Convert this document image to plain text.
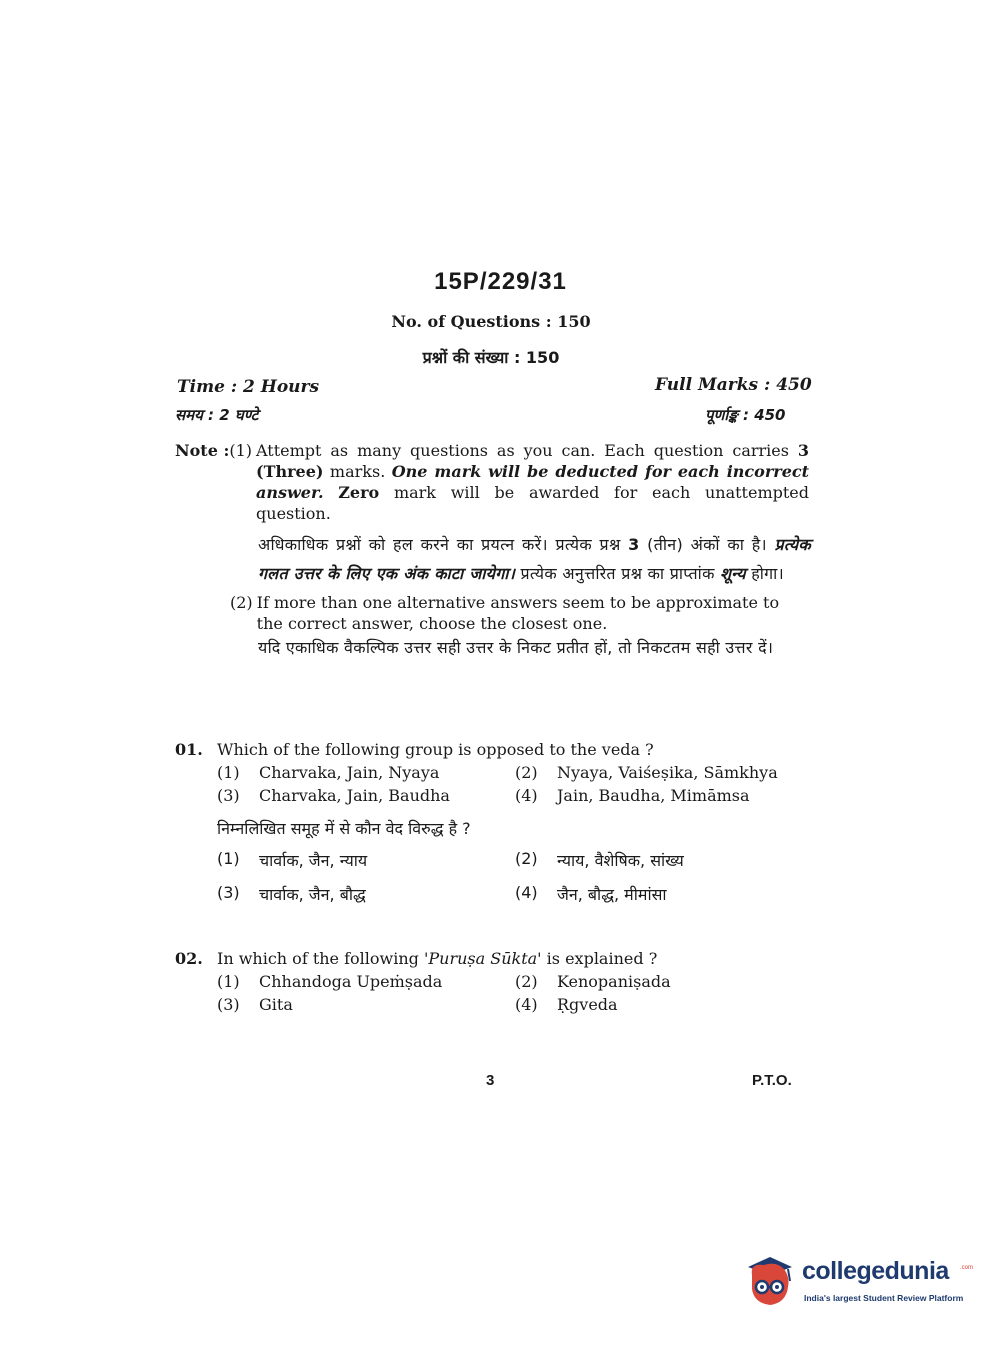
15P/229/31
No. of Questions : 150
प्रश्नों की संख्या : 150
Time : 2 Hours	Full Marks : 450
समय : 2 घण्टे	पूर्णाङ्क : 450
Note : (1) Attempt as many questions as you can. Each question carries 3 (Three) marks. One mark will be deducted for each incorrect answer. Zero mark will be awarded for each unattempted question.
अधिकाधिक प्रश्नों को हल करने का प्रयत्न करें। प्रत्येक प्रश्न 3 (तीन) अंकों का है। प्रत्येक गलत उत्तर के लिए एक अंक काटा जायेगा। प्रत्येक अनुत्तरित प्रश्न का प्राप्तांक शून्य होगा।
(2) If more than one alternative answers seem to be approximate to the correct answer, choose the closest one.
यदि एकाधिक वैकल्पिक उत्तर सही उत्तर के निकट प्रतीत हों, तो निकटतम सही उत्तर दें।
01. Which of the following group is opposed to the veda ?
(1)	Charvaka, Jain, Nyaya	(2)	Nyaya, Vaiśeṣika, Sāmkhya
(3)	Charvaka, Jain, Baudha	(4)	Jain, Baudha, Mimāmsa
निम्नलिखित समूह में से कौन वेद विरुद्ध है ?
(1)	चार्वाक, जैन, न्याय	(2)	न्याय, वैशेषिक, सांख्य
(3)	चार्वाक, जैन, बौद्ध	(4)	जैन, बौद्ध, मीमांसा
02. In which of the following 'Puruṣa Sūkta' is explained ?
(1)	Chhandoga Upeṁṣada	(2)	Kenopaniṣada
(3)	Gita	(4)	Ṛgveda
3	P.T.O.
collegedunia .com
India's largest Student Review Platform
